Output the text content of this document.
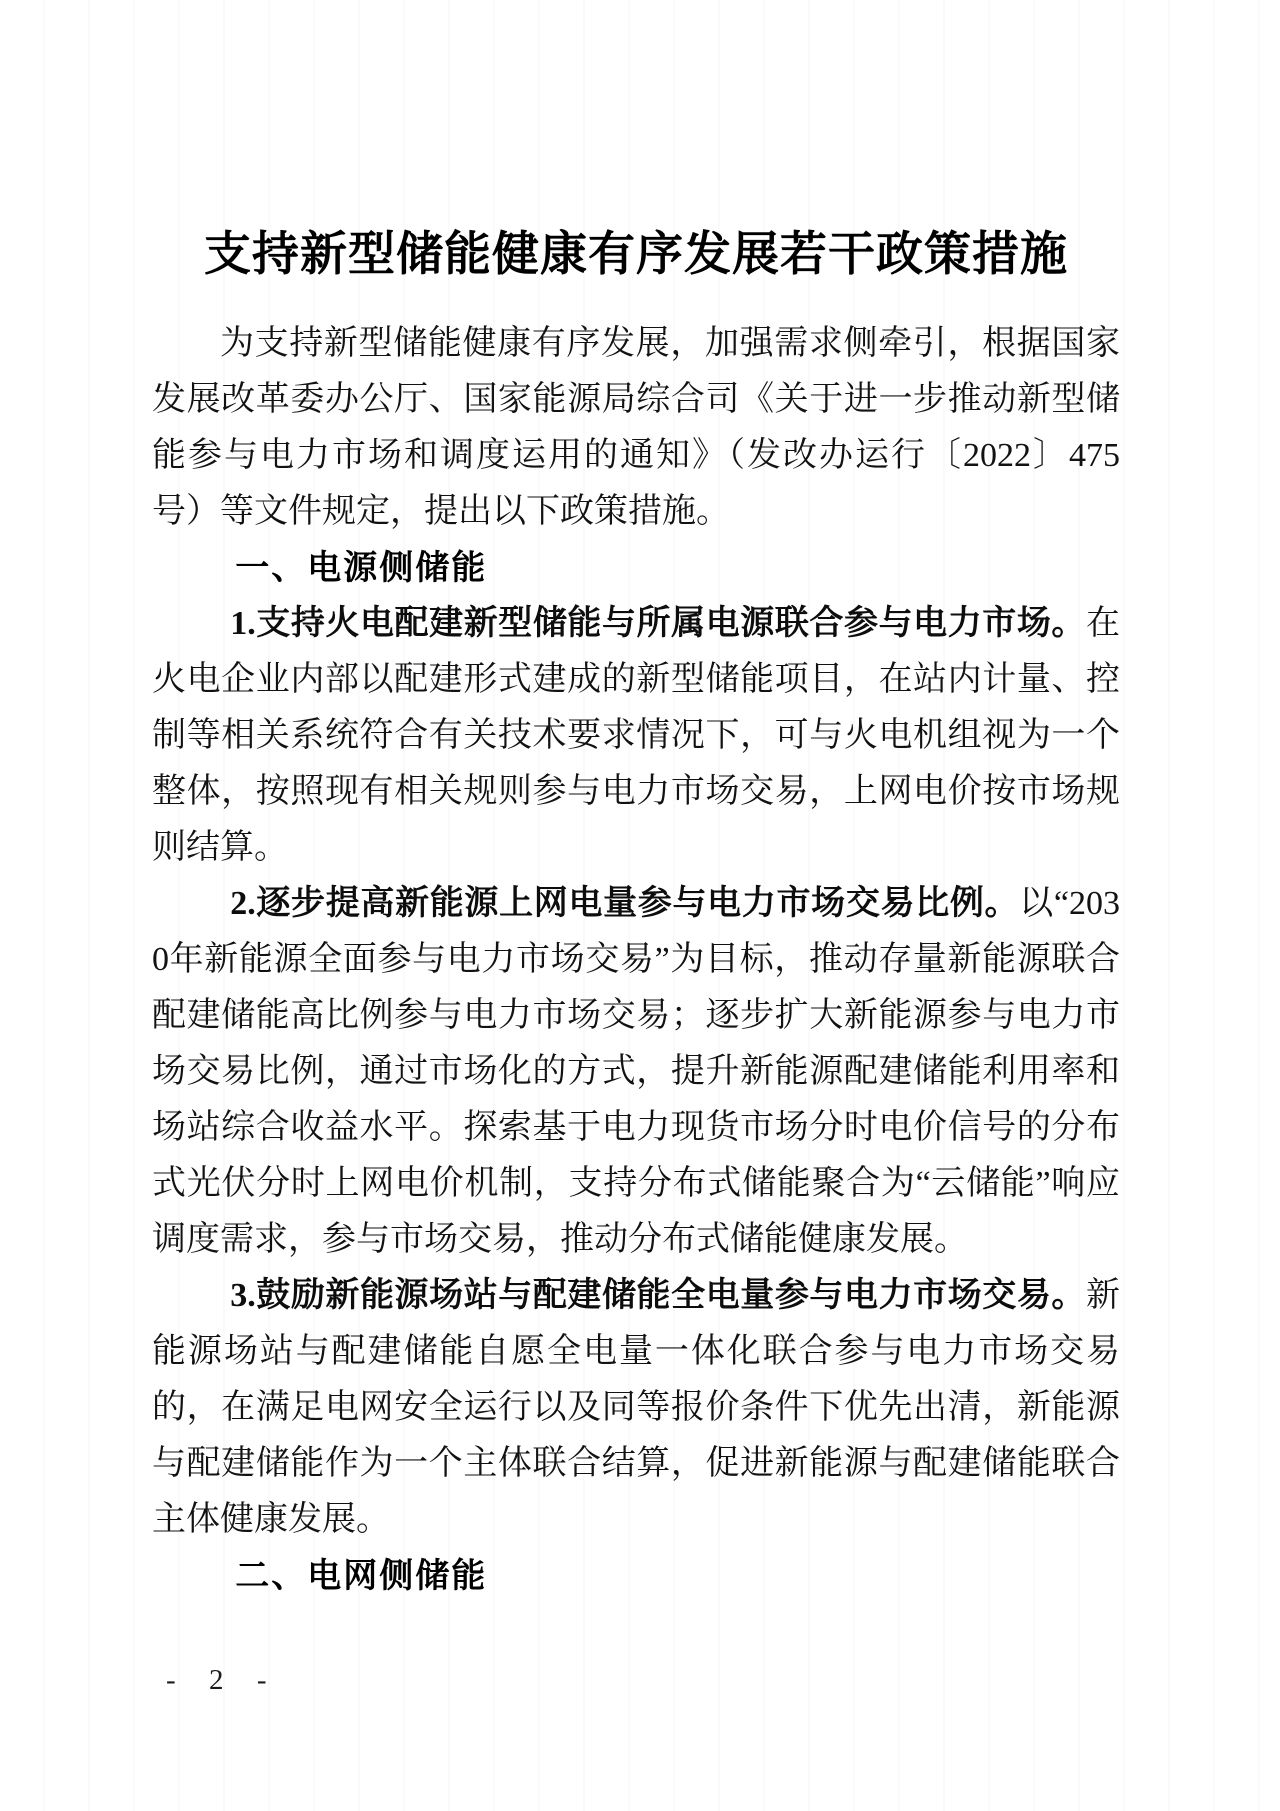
支持新型储能健康有序发展若干政策措施

为支持新型储能健康有序发展，加强需求侧牵引，根据国家发展改革委办公厅、国家能源局综合司《关于进一步推动新型储能参与电力市场和调度运用的通知》（发改办运行〔2022〕475号）等文件规定，提出以下政策措施。

一、电源侧储能

1.支持火电配建新型储能与所属电源联合参与电力市场。在火电企业内部以配建形式建成的新型储能项目，在站内计量、控制等相关系统符合有关技术要求情况下，可与火电机组视为一个整体，按照现有相关规则参与电力市场交易，上网电价按市场规则结算。

2.逐步提高新能源上网电量参与电力市场交易比例。以“2030年新能源全面参与电力市场交易”为目标，推动存量新能源联合配建储能高比例参与电力市场交易；逐步扩大新能源参与电力市场交易比例，通过市场化的方式，提升新能源配建储能利用率和场站综合收益水平。探索基于电力现货市场分时电价信号的分布式光伏分时上网电价机制，支持分布式储能聚合为“云储能”响应调度需求，参与市场交易，推动分布式储能健康发展。

3.鼓励新能源场站与配建储能全电量参与电力市场交易。新能源场站与配建储能自愿全电量一体化联合参与电力市场交易的，在满足电网安全运行以及同等报价条件下优先出清，新能源与配建储能作为一个主体联合结算，促进新能源与配建储能联合主体健康发展。

二、电网侧储能

- 2 -
